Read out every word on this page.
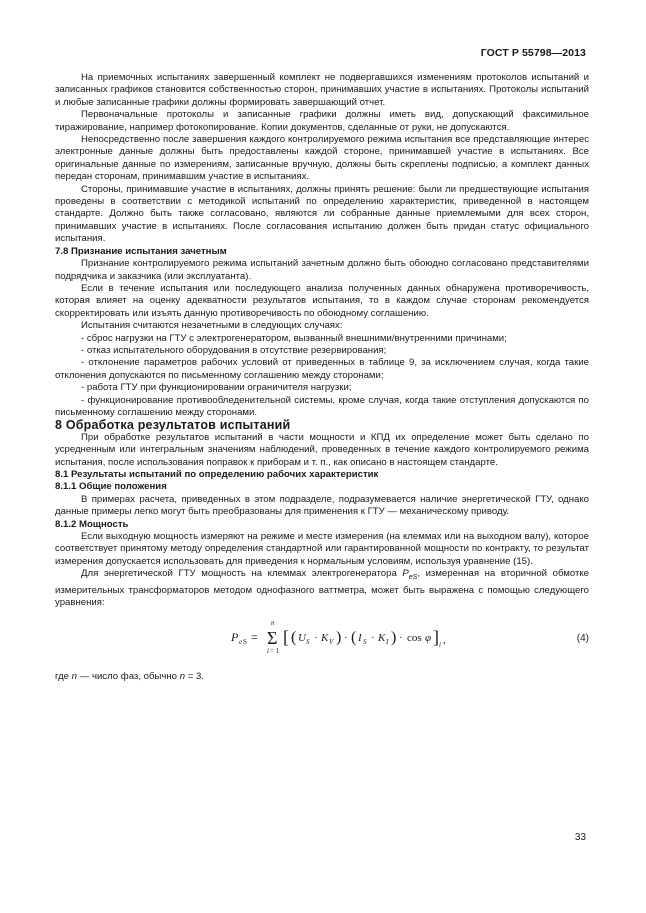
ГОСТ Р 55798—2013

На приемочных испытаниях завершенный комплект не подвергавшихся изменениям протоколов испытаний и записанных графиков становится собственностью сторон, принимавших участие в испытаниях. Протоколы испытаний и любые записанные графики должны формировать завершающий отчет.

Первоначальные протоколы и записанные графики должны иметь вид, допускающий факсимильное тиражирование, например фотокопирование. Копии документов, сделанные от руки, не допускаются.

Непосредственно после завершения каждого контролируемого режима испытания все представляющие интерес электронные данные должны быть предоставлены каждой стороне, принимавшей участие в испытаниях. Все оригинальные данные по измерениям, записанные вручную, должны быть скреплены подписью, а комплект данных передан сторонам, принимавшим участие в испытаниях.

Стороны, принимавшие участие в испытаниях, должны принять решение: были ли предшествующие испытания проведены в соответствии с методикой испытаний по определению характеристик, приведенной в настоящем стандарте. Должно быть также согласовано, являются ли собранные данные приемлемыми для всех сторон, принимавших участие в испытаниях. После согласования испытанию должен быть придан статус официального испытания.

7.8 Признание испытания зачетным

Признание контролируемого режима испытаний зачетным должно быть обоюдно согласовано представителями подрядчика и заказчика (или эксплуатанта).

Если в течение испытания или последующего анализа полученных данных обнаружена противоречивость, которая влияет на оценку адекватности результатов испытания, то в каждом случае сторонам рекомендуется скорректировать или изъять данную противоречивость по обоюдному соглашению.

Испытания считаются незачетными в следующих случаях:

- сброс нагрузки на ГТУ с электрогенератором, вызванный внешними/внутренними причинами;

- отказ испытательного оборудования в отсутствие резервирования;

- отклонение параметров рабочих условий от приведенных в таблице 9, за исключением случая, когда такие отклонения допускаются по письменному соглашению между сторонами;

- работа ГТУ при функционировании ограничителя нагрузки;

- функционирование противообледенительной системы, кроме случая, когда такие отступления допускаются по письменному соглашению между сторонами.

8 Обработка результатов испытаний

При обработке результатов испытаний в части мощности и КПД их определение может быть сделано по усредненным или интегральным значениям наблюдений, проведенных в течение каждого контролируемого режима испытания, после использования поправок к приборам и т. п., как описано в настоящем стандарте.

8.1 Результаты испытаний по определению рабочих характеристик

8.1.1 Общие положения

В примерах расчета, приведенных в этом подразделе, подразумевается наличие энергетической ГТУ, однако данные примеры легко могут быть преобразованы для применения к ГТУ — механическому приводу.

8.1.2 Мощность

Если выходную мощность измеряют на режиме и месте измерения (на клеммах или на выходном валу), которое соответствует принятому методу определения стандартной или гарантированной мощности по контракту, то результат измерения допускается использовать для приведения к нормальным условиям, используя уравнение (15).

Для энергетической ГТУ мощность на клеммах электрогенератора $P_{eS}$, измеренная на вторичной обмотке измерительных трансформаторов методом однофазного ваттметра, может быть выражена с помощью следующего уравнения:

P e S = Σ
n
i = 1
[ ( U S · K V ) · ( I S · K I ) · cos φ ] i ,	(4)

где n — число фаз, обычно n = 3.

33
